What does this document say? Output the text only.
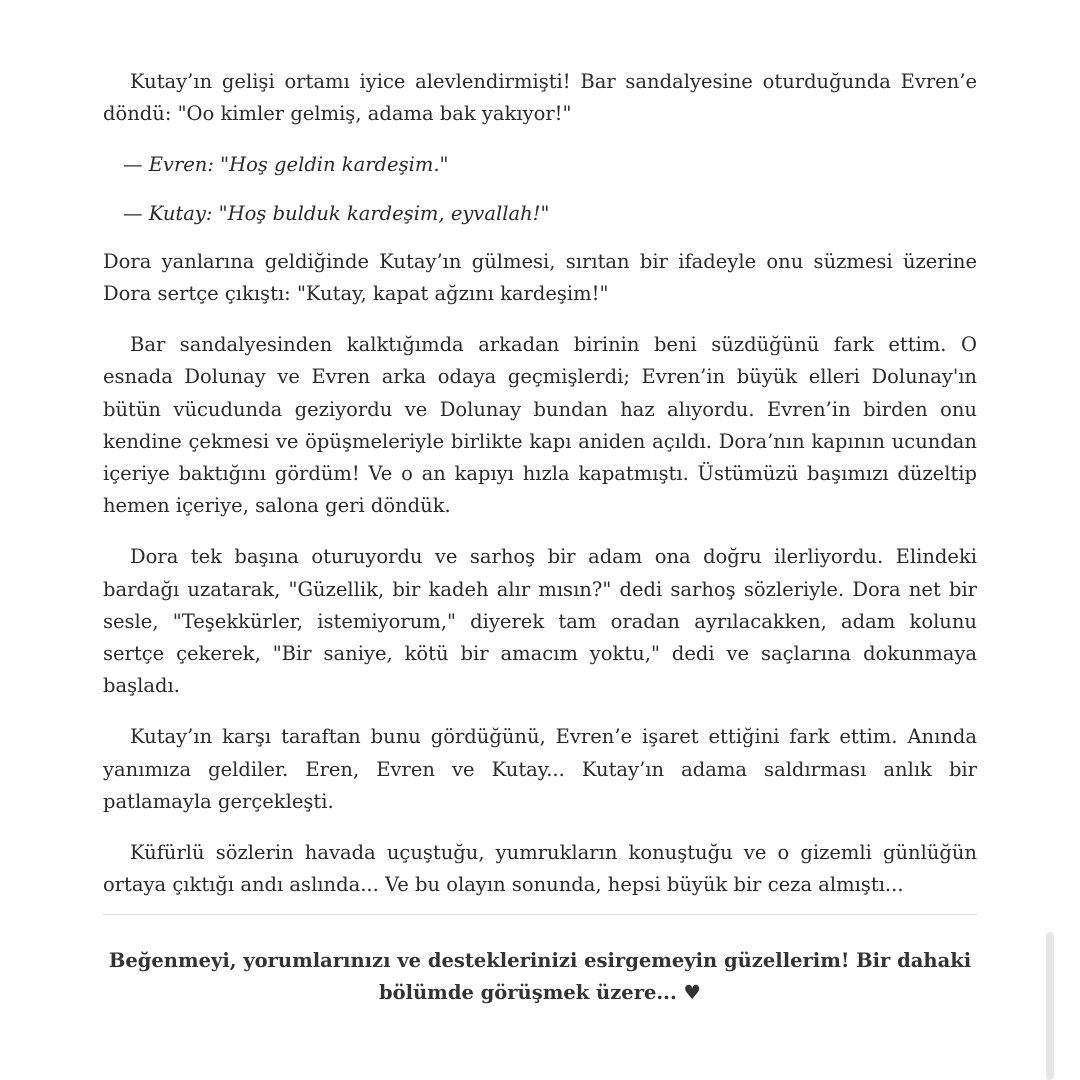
Kutay’ın gelişi ortamı iyice alevlendirmişti! Bar sandalyesine oturduğunda Evren’e döndü: "Oo kimler gelmiş, adama bak yakıyor!"

— Evren: "Hoş geldin kardeşim."

— Kutay: "Hoş bulduk kardeşim, eyvallah!"

Dora yanlarına geldiğinde Kutay’ın gülmesi, sırıtan bir ifadeyle onu süzmesi üzerine Dora sertçe çıkıştı: "Kutay, kapat ağzını kardeşim!"

Bar sandalyesinden kalktığımda arkadan birinin beni süzdüğünü fark ettim. O esnada Dolunay ve Evren arka odaya geçmişlerdi; Evren’in büyük elleri Dolunay'ın bütün vücudunda geziyordu ve Dolunay bundan haz alıyordu. Evren’in birden onu kendine çekmesi ve öpüşmeleriyle birlikte kapı aniden açıldı. Dora’nın kapının ucundan içeriye baktığını gördüm! Ve o an kapıyı hızla kapatmıştı. Üstümüzü başımızı düzeltip hemen içeriye, salona geri döndük.

Dora tek başına oturuyordu ve sarhoş bir adam ona doğru ilerliyordu. Elindeki bardağı uzatarak, "Güzellik, bir kadeh alır mısın?" dedi sarhoş sözleriyle. Dora net bir sesle, "Teşekkürler, istemiyorum," diyerek tam oradan ayrılacakken, adam kolunu sertçe çekerek, "Bir saniye, kötü bir amacım yoktu," dedi ve saçlarına dokunmaya başladı.

Kutay’ın karşı taraftan bunu gördüğünü, Evren’e işaret ettiğini fark ettim. Anında yanımıza geldiler. Eren, Evren ve Kutay... Kutay’ın adama saldırması anlık bir patlamayla gerçekleşti.

Küfürlü sözlerin havada uçuştuğu, yumrukların konuştuğu ve o gizemli günlüğün ortaya çıktığı andı aslında... Ve bu olayın sonunda, hepsi büyük bir ceza almıştı...

Beğenmeyi, yorumlarınızı ve desteklerinizi esirgemeyin güzellerim! Bir dahaki bölümde görüşmek üzere... ♥
